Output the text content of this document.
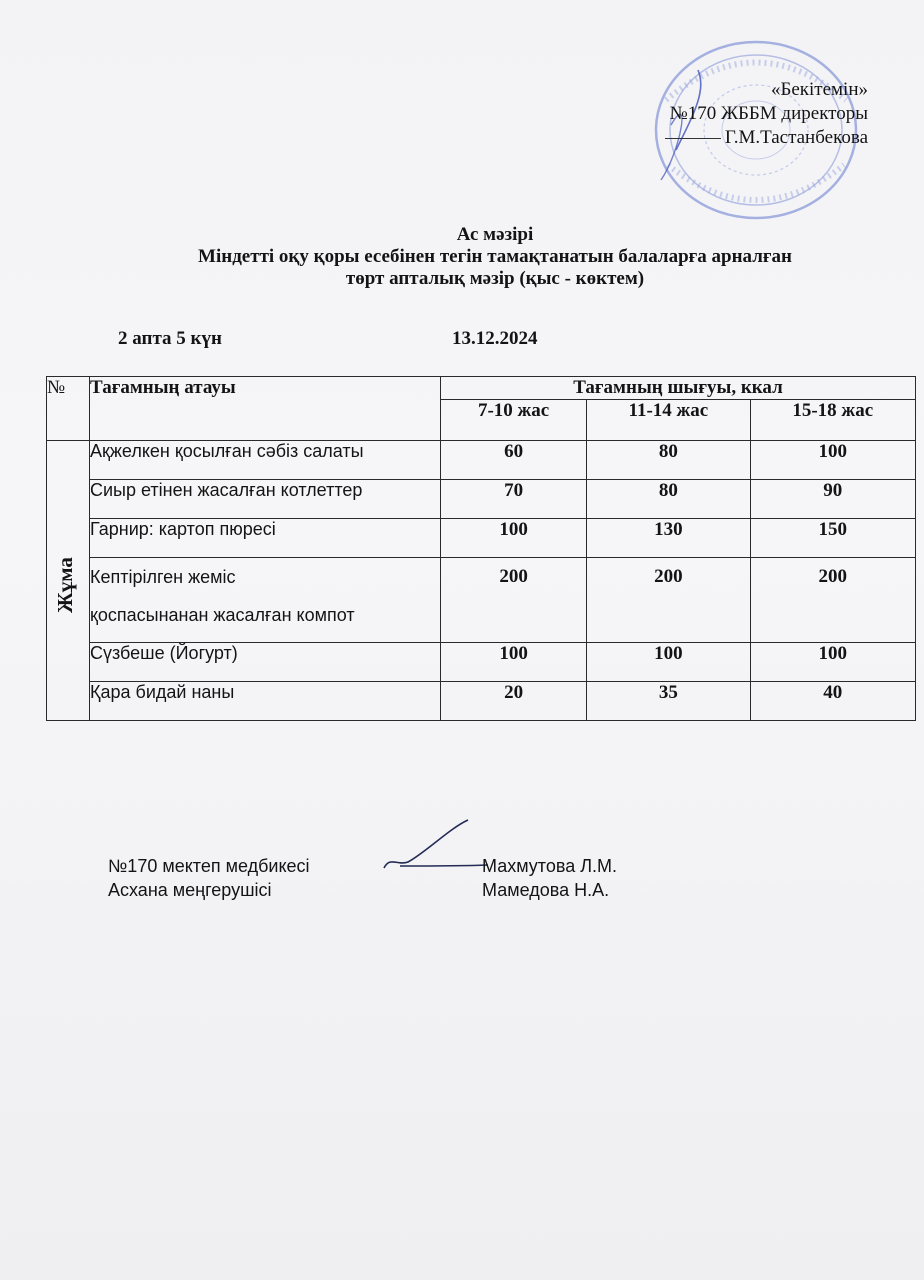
«Бекітемін»
№170 ЖББМ директоры
Г.М.Тастанбекова
Ас мәзірі
Міндетті оқу қоры есебінен тегін тамақтанатын балаларға арналған
төрт апталық мәзір (қыс - көктем)
2 апта 5 күн	13.12.2024
№	Тағамның атауы	Тағамның шығуы, ккал		
		7-10 жас	11-14 жас	15-18 жас

Жұма	Ақжелкен қосылған сәбіз салаты	60	80	100
	Сиыр етінен жасалған котлеттер	70	80	90
	Гарнир: картоп пюресі	100	130	150

	Кептірілген жеміс
қоспасынанан жасалған компот	200	200	200
	Сүзбеше (Йогурт)	100	100	100
	Қара бидай наны	20	35	40
№170 мектеп медбикесі
Асхана меңгерушісі
Махмутова Л.М.
Мамедова Н.А.
